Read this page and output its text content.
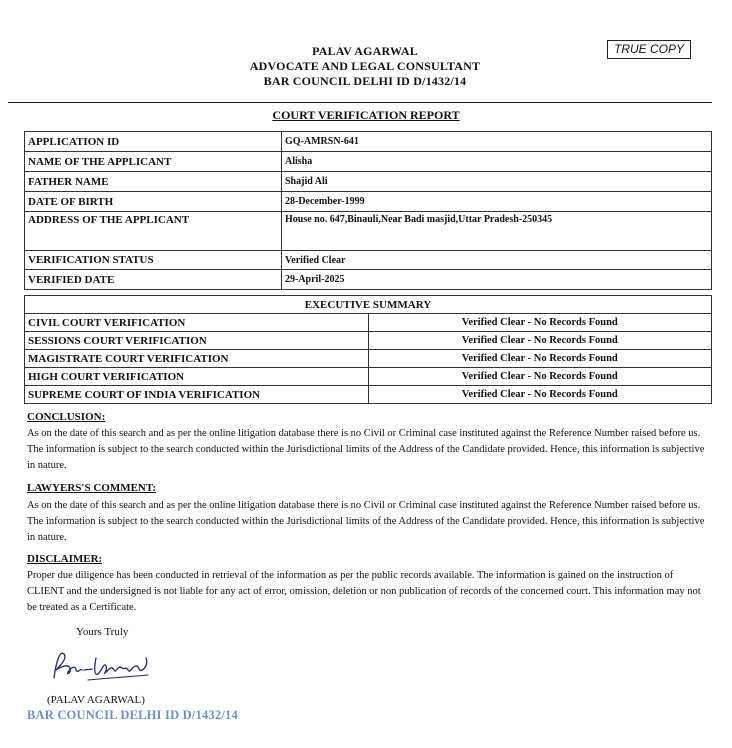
PALAV AGARWAL
ADVOCATE AND LEGAL CONSULTANT
BAR COUNCIL DELHI ID D/1432/14
TRUE COPY
COURT VERIFICATION REPORT
APPLICATION ID	GQ-AMRSN-641
NAME OF THE APPLICANT	Alisha
FATHER NAME	Shajid Ali
DATE OF BIRTH	28-December-1999
ADDRESS OF THE APPLICANT	House no. 647,Binauli,Near Badi masjid,Uttar Pradesh-250345
VERIFICATION STATUS	Verified Clear
VERIFIED DATE	29-April-2025
EXECUTIVE SUMMARY	
CIVIL COURT VERIFICATION	Verified Clear - No Records Found
SESSIONS COURT VERIFICATION	Verified Clear - No Records Found
MAGISTRATE COURT VERIFICATION	Verified Clear - No Records Found
HIGH COURT VERIFICATION	Verified Clear - No Records Found
SUPREME COURT OF INDIA VERIFICATION	Verified Clear - No Records Found
CONCLUSION:
As on the date of this search and as per the online litigation database there is no Civil or Criminal case instituted against the Reference Number raised before us. The information is subject to the search conducted within the Jurisdictional limits of the Address of the Candidate provided. Hence, this information is subjective in nature.
LAWYERS'S COMMENT:
As on the date of this search and as per the online litigation database there is no Civil or Criminal case instituted against the Reference Number raised before us. The information is subject to the search conducted within the Jurisdictional limits of the Address of the Candidate provided. Hence, this information is subjective in nature.
DISCLAIMER:
Proper due diligence has been conducted in retrieval of the information as per the public records available. The information is gained on the instruction of CLIENT and the undersigned is not liable for any act of error, omission, deletion or non publication of records of the concerned court. This information may not be treated as a Certificate.
Yours Truly
(PALAV AGARWAL)
BAR COUNCIL DELHI ID D/1432/14
